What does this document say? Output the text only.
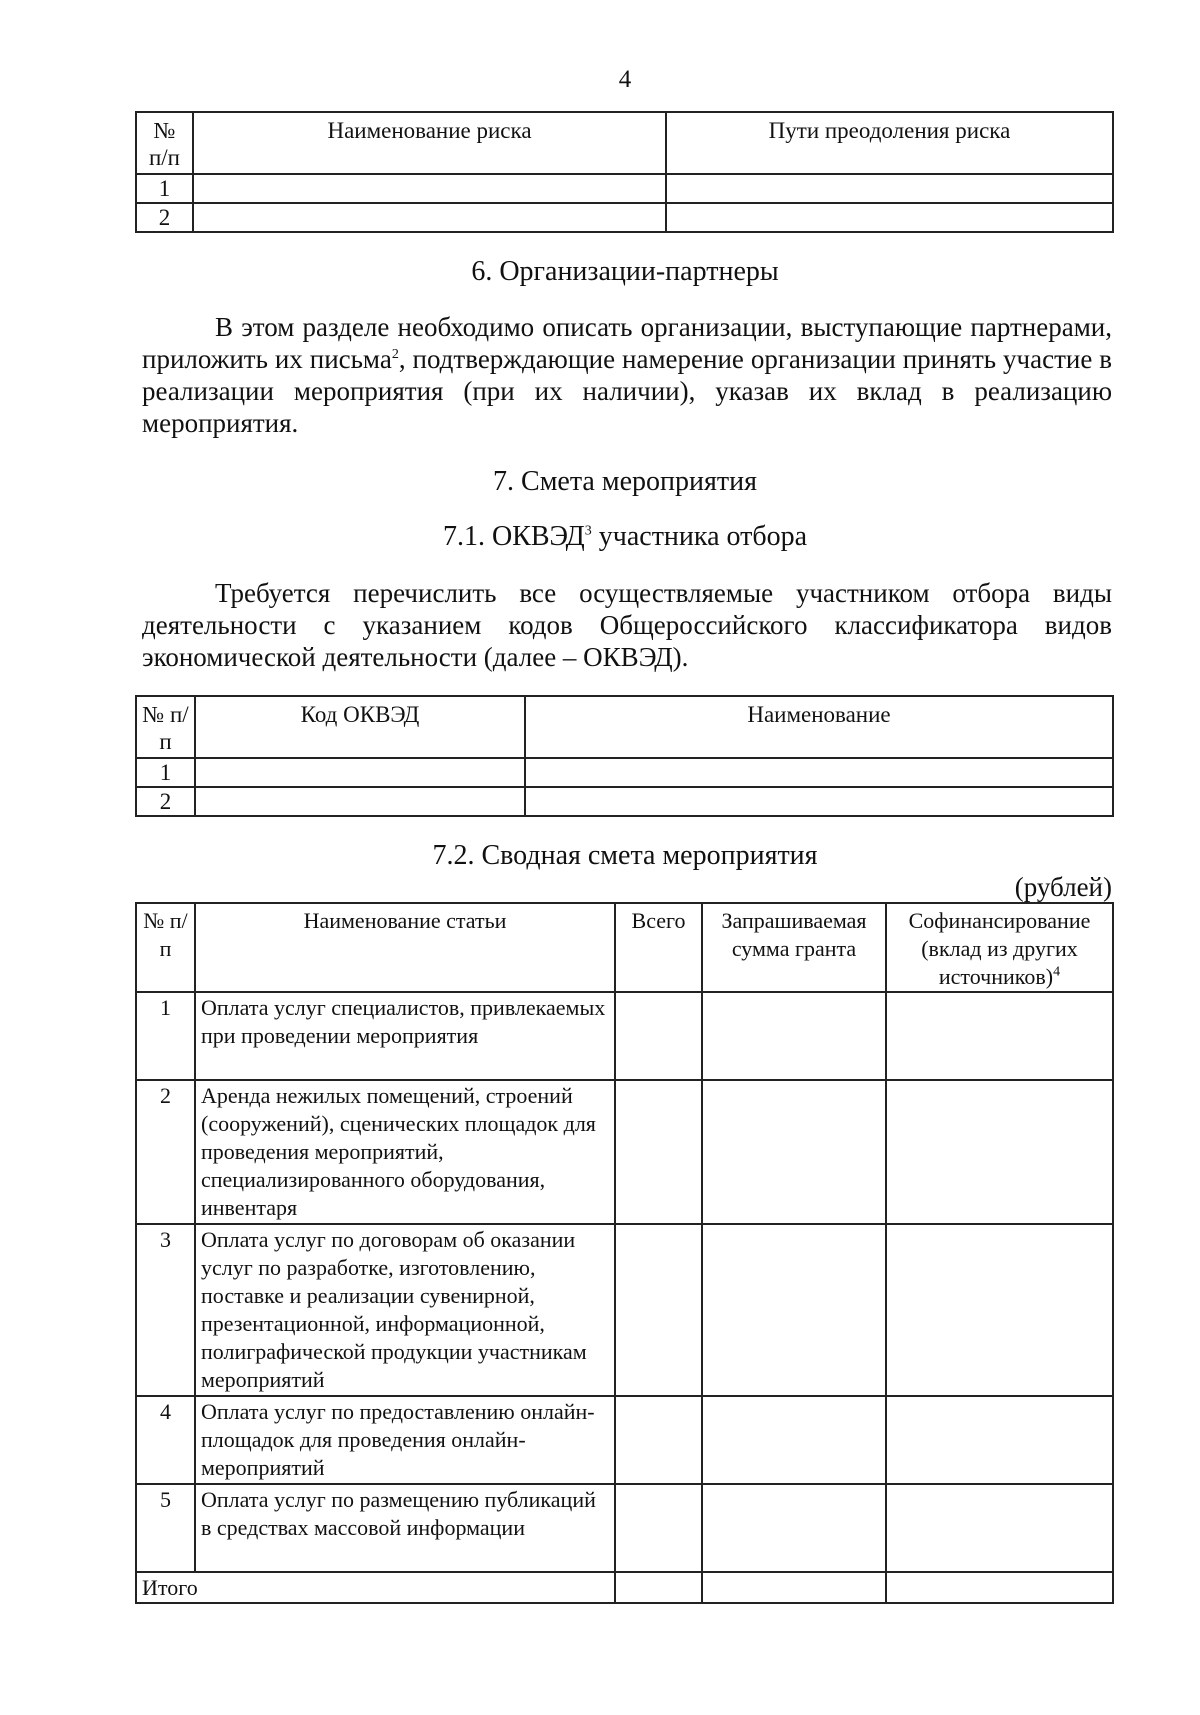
4
№ п/п	Наименование риска	Пути преодоления риска
1		
2		
6. Организации-партнеры
В этом разделе необходимо описать организации, выступающие партнерами, приложить их письма$^2$, подтверждающие намерение организации принять участие в реализации мероприятия (при их наличии), указав их вклад в реализацию мероприятия.
7. Смета мероприятия
7.1. ОКВЭД$^3$ участника отбора
Требуется перечислить все осуществляемые участником отбора виды деятельности с указанием кодов Общероссийского классификатора видов экономической деятельности (далее – ОКВЭД).
№ п/п	Код ОКВЭД	Наименование
1		
2		
7.2. Сводная смета мероприятия
(рублей)
№ п/п	Наименование статьи	Всего	Запрашиваемая сумма гранта	Софинансирование (вклад из других источников)$^4$
1	Оплата услуг специалистов, привлекаемых при проведении мероприятия			
2	Аренда нежилых помещений, строений (сооружений), сценических площадок для проведения мероприятий, специализированного оборудования, инвентаря			
3	Оплата услуг по договорам об оказании услуг по разработке, изготовлению, поставке и реализации сувенирной, презентационной, информационной, полиграфической продукции участникам мероприятий			
4	Оплата услуг по предоставлению онлайн-площадок для проведения онлайн-мероприятий			
5	Оплата услуг по размещению публикаций в средствах массовой информации			
Итого				
